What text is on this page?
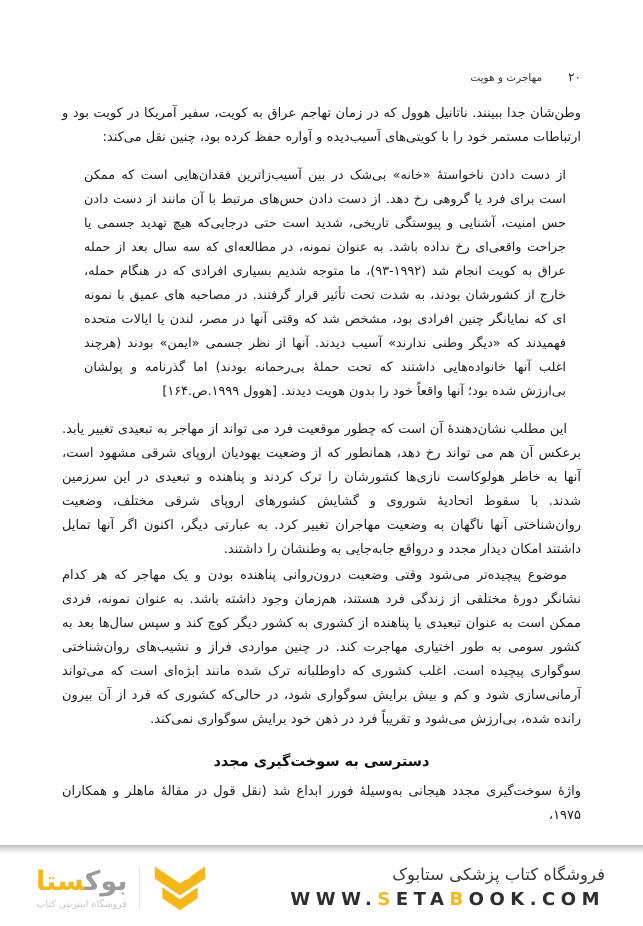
۲۰
مهاجرت و هویت

وطن‌شان جدا ببینند. ناتانیل هوول که در زمان تهاجم عراق به کویت، سفیر آمریکا در کویت بود و ارتباطات مستمر خود را با کویتی‌های آسیب‌دیده و آواره حفظ کرده بود، چنین نقل می‌کند:

از دست دادن ناخواستهٔ «خانه» بی‌شک در بین آسیب‌زاترین فقدان‌هایی است که ممکن است برای فرد یا گروهی رخ دهد. از دست دادن حس‌های مرتبط با آن مانند از دست دادن حس امنیت، آشنایی و پیوستگی تاریخی، شدید است حتی درجایی‌که هیچ تهدید جسمی یا جراحت واقعی‌ای رخ نداده باشد. به عنوان نمونه، در مطالعه‌ای که سه سال بعد از حمله عراق به کویت انجام شد (۱۹۹۲-۹۳)، ما متوجه شدیم بسیاری افرادی که در هنگام حمله، خارج از کشورشان بودند، به شدت تحت تأثیر قرار گرفتند. در مصاحبه های عمیق با نمونه ای که نمایانگر چنین افرادی بود، مشخص شد که وقتی آنها در مصر، لندن یا ایالات متحده فهمیدند که «دیگر وطنی ندارند» آسیب دیدند. آنها از نظر جسمی «ایمن» بودند (هرچند اغلب آنها خانواده‌هایی داشتند که تحت حملهٔ بی‌رحمانه بودند) اما گذرنامه و پولشان بی‌ارزش شده بود؛ آنها واقعاً خود را بدون هویت دیدند. [هوول ۱۹۹۹.ص.۱۶۴]

این مطلب نشان‌دهندهٔ آن است که چطور موقعیت فرد می تواند از مهاجر به تبعیدی تغییر یابد. برعکس آن هم می تواند رخ دهد، همانطور که از وضعیت یهودیان اروپای شرقی مشهود است، آنها به خاطر هولوکاست نازی‌ها کشورشان را ترک کردند و پناهنده و تبعیدی در این سرزمین شدند. با سقوط اتحادیهٔ شوروی و گشایش کشورهای اروپای شرقی مختلف، وضعیت روان‌شناختی آنها ناگهان به وضعیت مهاجران تغییر کرد. به عبارتی دیگر، اکنون اگر آنها تمایل داشتند امکان دیدار مجدد و درواقع جابه‌جایی به وطنشان را داشتند.

موضوع پیچیده‌تر می‌شود وقتی وضعیت درون‌روانی پناهنده بودن و یک مهاجر که هر کدام نشانگر دورهٔ مختلفی از زندگی فرد هستند، هم‌زمان وجود داشته باشد. به عنوان نمونه، فردی ممکن است به عنوان تبعیدی یا پناهنده از کشوری به کشور دیگر کوچ کند و سپس سال‌ها بعد به کشور سومی به طور اختیاری مهاجرت کند. در چنین مواردی فراز و نشیب‌های روان‌شناختی سوگواری پیچیده است. اغلب کشوری که داوطلبانه ترک شده مانند ابژه‌ای است که می‌تواند آرمانی‌سازی شود و کم و بیش برایش سوگواری شود، در حالی‌که کشوری که فرد از آن بیرون رانده شده، بی‌ارزش می‌شود و تقریباً فرد در ذهن خود برایش سوگواری نمی‌کند.

دسترسی به سوخت‌گیری مجدد

واژهٔ سوخت‌گیری مجدد هیجانی به‌وسیلهٔ فورر ابداع شد (نقل قول در مقالهٔ ماهلر و همکاران ۱۹۷۵،

بوکستا
فروشگاه اینترنتی کتاب
فروشگاه کتاب پزشکی ستابوک
WWW.SETABOOK.COM
